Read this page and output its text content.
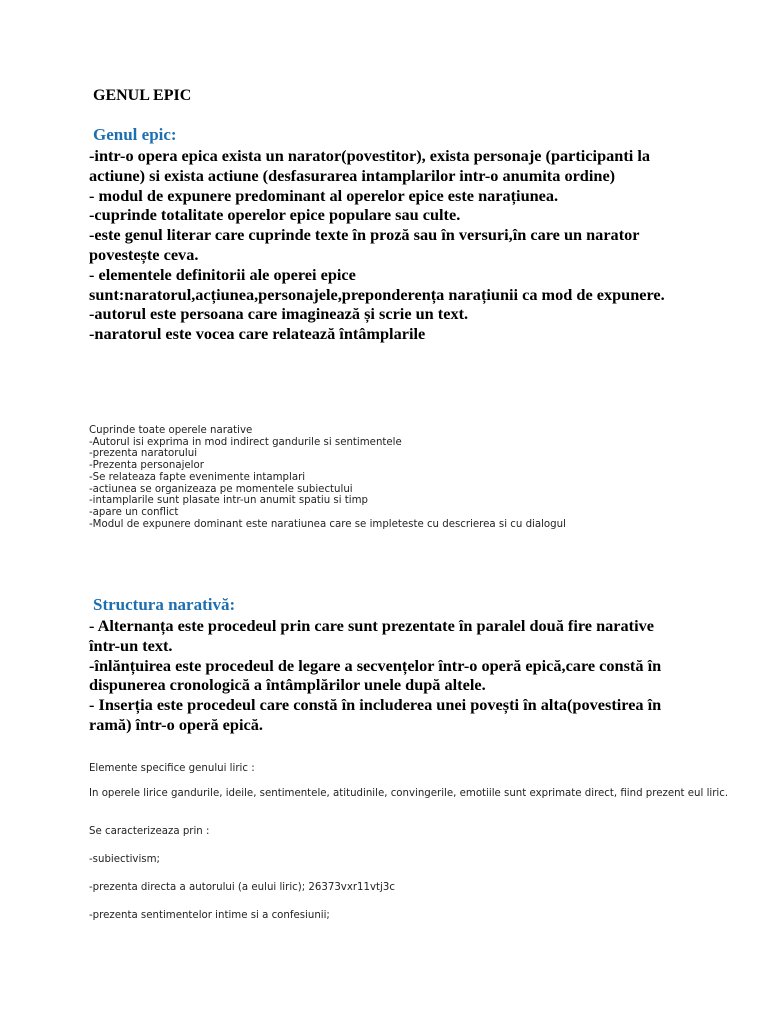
GENUL EPIC
Genul epic:
-intr-o opera epica exista un narator(povestitor), exista personaje (participanti la actiune) si exista actiune (desfasurarea intamplarilor intr-o anumita ordine)
- modul de expunere predominant al operelor epice este narațiunea.
-cuprinde totalitate operelor epice populare sau culte.
-este genul literar care cuprinde texte în proză sau în versuri,în care un narator povestește ceva.
- elementele definitorii ale operei epice sunt:naratorul,acțiunea,personajele,preponderența narațiunii ca mod de expunere.
-autorul este persoana care imaginează și scrie un text.
-naratorul este vocea care relatează întâmplarile
Cuprinde toate operele narative
-Autorul isi exprima in mod indirect gandurile si sentimentele
-prezenta naratorului
-Prezenta personajelor
-Se relateaza fapte evenimente intamplari
-actiunea se organizeaza pe momentele subiectului
-intamplarile sunt plasate intr-un anumit spatiu si timp
-apare un conflict
-Modul de expunere dominant este naratiunea care se impleteste cu descrierea si cu dialogul
Structura narativă:
- Alternanța este procedeul prin care sunt prezentate în paralel două fire narative într-un text.
-înlănțuirea este procedeul de legare a secvențelor într-o operă epică,care constă în dispunerea cronologică a întâmplărilor unele după altele.
- Inserția este procedeul care constă în includerea unei povești în alta(povestirea în ramă) într-o operă epică.

Elemente specifice genului liric :

In operele lirice gandurile, ideile, sentimentele, atitudinile, convingerile, emotiile sunt exprimate direct, fiind prezent eul liric.

Se caracterizeaza prin :

-subiectivism;

-prezenta directa a autorului (a eului liric); 26373vxr11vtj3c

-prezenta sentimentelor intime si a confesiunii;
